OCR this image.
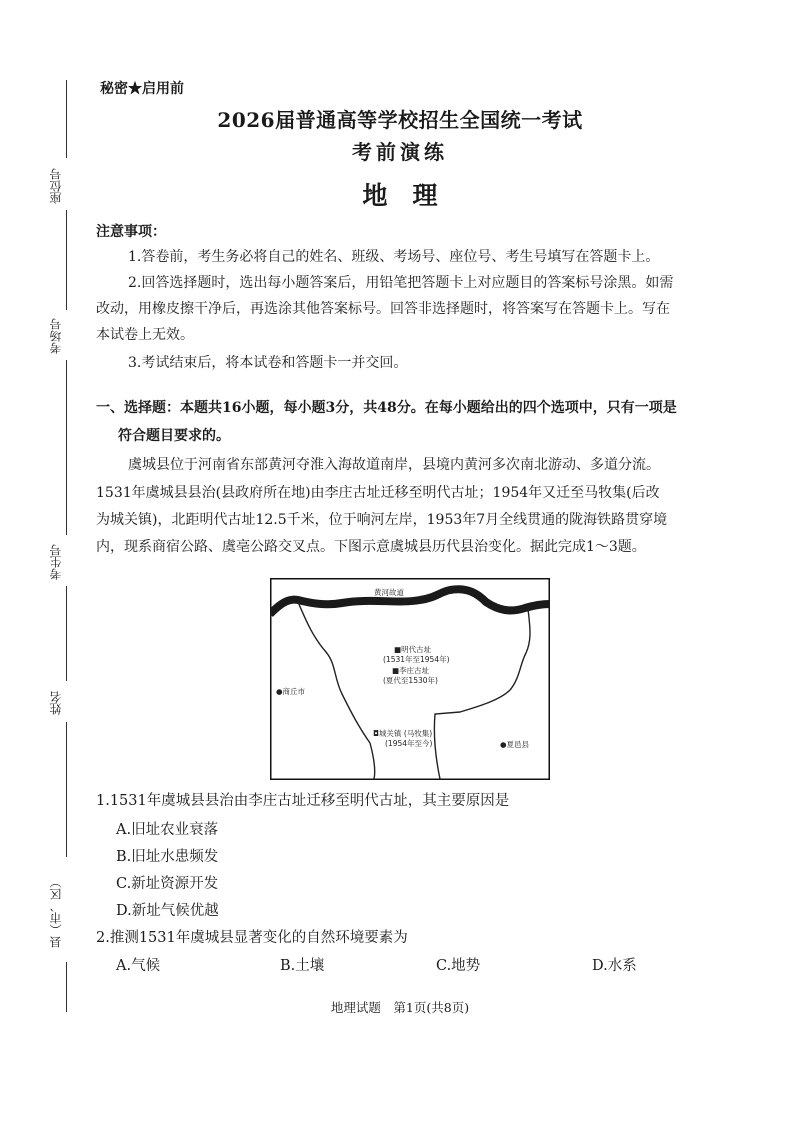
座位号
考场号
考生号
姓名
县（市、区）
秘密★启用前
2026届普通高等学校招生全国统一考试
考前演练
地　理
注意事项：
1.答卷前，考生务必将自己的姓名、班级、考场号、座位号、考生号填写在答题卡上。
2.回答选择题时，选出每小题答案后，用铅笔把答题卡上对应题目的答案标号涂黑。如需
改动，用橡皮擦干净后，再选涂其他答案标号。回答非选择题时，将答案写在答题卡上。写在
本试卷上无效。
3.考试结束后，将本试卷和答题卡一并交回。
一、选择题：本题共16小题，每小题3分，共48分。在每小题给出的四个选项中，只有一项是
符合题目要求的。
虞城县位于河南省东部黄河夺淮入海故道南岸，县境内黄河多次南北游动、多道分流。
1531年虞城县县治(县政府所在地)由李庄古址迁移至明代古址；1954年又迁至马牧集(后改
为城关镇)，北距明代古址12.5千米，位于响河左岸，1953年7月全线贯通的陇海铁路贯穿境
内，现系商宿公路、虞亳公路交叉点。下图示意虞城县历代县治变化。据此完成1～3题。
黄河故道
■明代古址
(1531年至1954年)
■李庄古址
(夏代至1530年)
●商丘市
◘城关镇 (马牧集)
(1954年至今)	●夏邑县
1.1531年虞城县县治由李庄古址迁移至明代古址，其主要原因是
A.旧址农业衰落
B.旧址水患频发
C.新址资源开发
D.新址气候优越
2.推测1531年虞城县显著变化的自然环境要素为
A.气候	B.土壤	C.地势	D.水系
地理试题　第1页(共8页)
